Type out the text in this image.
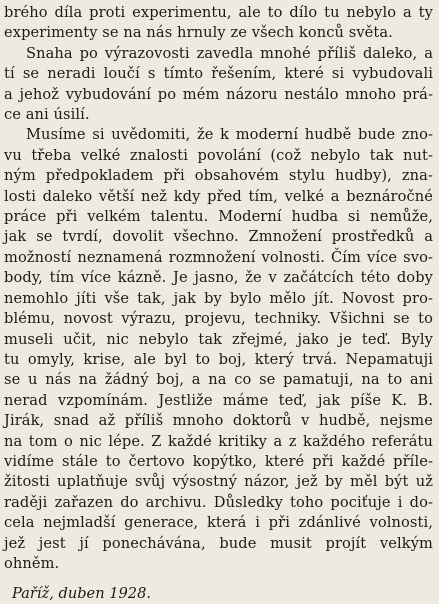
brého díla proti experimentu, ale to dílo tu nebylo a ty
experimenty se na nás hrnuly ze všech konců světa.
Snaha po výrazovosti zavedla mnohé příliš daleko, a
tí se neradi loučí s tímto řešením, které si vybudovali
a jehož vybudování po mém názoru nestálo mnoho prá-
ce ani úsilí.
Musíme si uvědomiti, že k moderní hudbě bude zno-
vu třeba velké znalosti povolání (což nebylo tak nut-
ným předpokladem při obsahovém stylu hudby), zna-
losti daleko větší než kdy před tím, velké a beznáročné
práce při velkém talentu. Moderní hudba si nemůže,
jak se tvrdí, dovolit všechno. Zmnožení prostředků a
možností neznamená rozmnožení volnosti. Čím více svo-
body, tím více kázně. Je jasno, že v začátcích této doby
nemohlo jíti vše tak, jak by bylo mělo jít. Novost pro-
blému, novost výrazu, projevu, techniky. Všichni se to
museli učit, nic nebylo tak zřejmé, jako je teď. Byly
tu omyly, krise, ale byl to boj, který trvá. Nepamatuji
se u nás na žádný boj, a na co se pamatuji, na to ani
nerad vzpomínám. Jestliže máme teď, jak píše K. B.
Jirák, snad až příliš mnoho doktorů v hudbě, nejsme
na tom o nic lépe. Z každé kritiky a z každého referátu
vidíme stále to čertovo kopýtko, které při každé příle-
žitosti uplatňuje svůj výsostný názor, jež by měl být už
raději zařazen do archivu. Důsledky toho pociťuje i do-
cela nejmladší generace, která i při zdánlivé volnosti,
jež jest jí ponechávána, bude musit projít velkým
ohněm.
Paříž, duben 1928.
